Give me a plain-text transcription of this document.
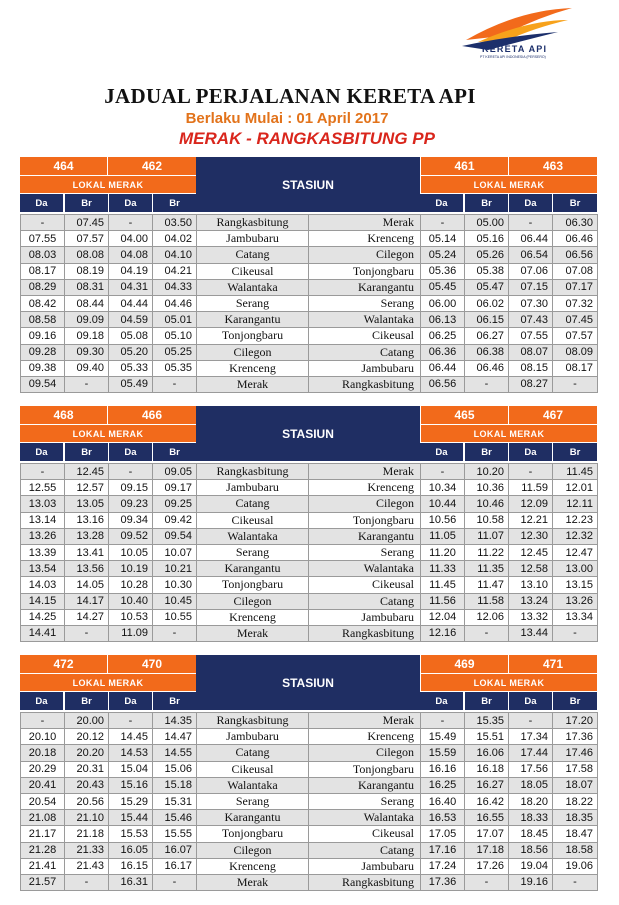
KERETA API
PT KERETA API INDONESIA (PERSERO)
JADUAL PERJALANAN KERETA API
Berlaku Mulai : 01 April 2017
MERAK - RANGKASBITUNG PP
464	462	461	463
LOKAL MERAK	LOKAL MERAK
Da	Br	Da	Br	Da	Br	Da	Br
STASIUN
-	07.45	-	03.50	Rangkasbitung	Merak	-	05.00	-	06.30
07.55	07.57	04.00	04.02	Jambubaru	Krenceng	05.14	05.16	06.44	06.46
08.03	08.08	04.08	04.10	Catang	Cilegon	05.24	05.26	06.54	06.56
08.17	08.19	04.19	04.21	Cikeusal	Tonjongbaru	05.36	05.38	07.06	07.08
08.29	08.31	04.31	04.33	Walantaka	Karangantu	05.45	05.47	07.15	07.17
08.42	08.44	04.44	04.46	Serang	Serang	06.00	06.02	07.30	07.32
08.58	09.09	04.59	05.01	Karangantu	Walantaka	06.13	06.15	07.43	07.45
09.16	09.18	05.08	05.10	Tonjongbaru	Cikeusal	06.25	06.27	07.55	07.57
09.28	09.30	05.20	05.25	Cilegon	Catang	06.36	06.38	08.07	08.09
09.38	09.40	05.33	05.35	Krenceng	Jambubaru	06.44	06.46	08.15	08.17
09.54	-	05.49	-	Merak	Rangkasbitung	06.56	-	08.27	-
468	466	465	467
LOKAL MERAK	LOKAL MERAK
Da	Br	Da	Br	Da	Br	Da	Br
STASIUN
-	12.45	-	09.05	Rangkasbitung	Merak	-	10.20	-	11.45
12.55	12.57	09.15	09.17	Jambubaru	Krenceng	10.34	10.36	11.59	12.01
13.03	13.05	09.23	09.25	Catang	Cilegon	10.44	10.46	12.09	12.11
13.14	13.16	09.34	09.42	Cikeusal	Tonjongbaru	10.56	10.58	12.21	12.23
13.26	13.28	09.52	09.54	Walantaka	Karangantu	11.05	11.07	12.30	12.32
13.39	13.41	10.05	10.07	Serang	Serang	11.20	11.22	12.45	12.47
13.54	13.56	10.19	10.21	Karangantu	Walantaka	11.33	11.35	12.58	13.00
14.03	14.05	10.28	10.30	Tonjongbaru	Cikeusal	11.45	11.47	13.10	13.15
14.15	14.17	10.40	10.45	Cilegon	Catang	11.56	11.58	13.24	13.26
14.25	14.27	10.53	10.55	Krenceng	Jambubaru	12.04	12.06	13.32	13.34
14.41	-	11.09	-	Merak	Rangkasbitung	12.16	-	13.44	-
472	470	469	471
LOKAL MERAK	LOKAL MERAK
Da	Br	Da	Br	Da	Br	Da	Br
STASIUN
-	20.00	-	14.35	Rangkasbitung	Merak	-	15.35	-	17.20
20.10	20.12	14.45	14.47	Jambubaru	Krenceng	15.49	15.51	17.34	17.36
20.18	20.20	14.53	14.55	Catang	Cilegon	15.59	16.06	17.44	17.46
20.29	20.31	15.04	15.06	Cikeusal	Tonjongbaru	16.16	16.18	17.56	17.58
20.41	20.43	15.16	15.18	Walantaka	Karangantu	16.25	16.27	18.05	18.07
20.54	20.56	15.29	15.31	Serang	Serang	16.40	16.42	18.20	18.22
21.08	21.10	15.44	15.46	Karangantu	Walantaka	16.53	16.55	18.33	18.35
21.17	21.18	15.53	15.55	Tonjongbaru	Cikeusal	17.05	17.07	18.45	18.47
21.28	21.33	16.05	16.07	Cilegon	Catang	17.16	17.18	18.56	18.58
21.41	21.43	16.15	16.17	Krenceng	Jambubaru	17.24	17.26	19.04	19.06
21.57	-	16.31	-	Merak	Rangkasbitung	17.36	-	19.16	-
